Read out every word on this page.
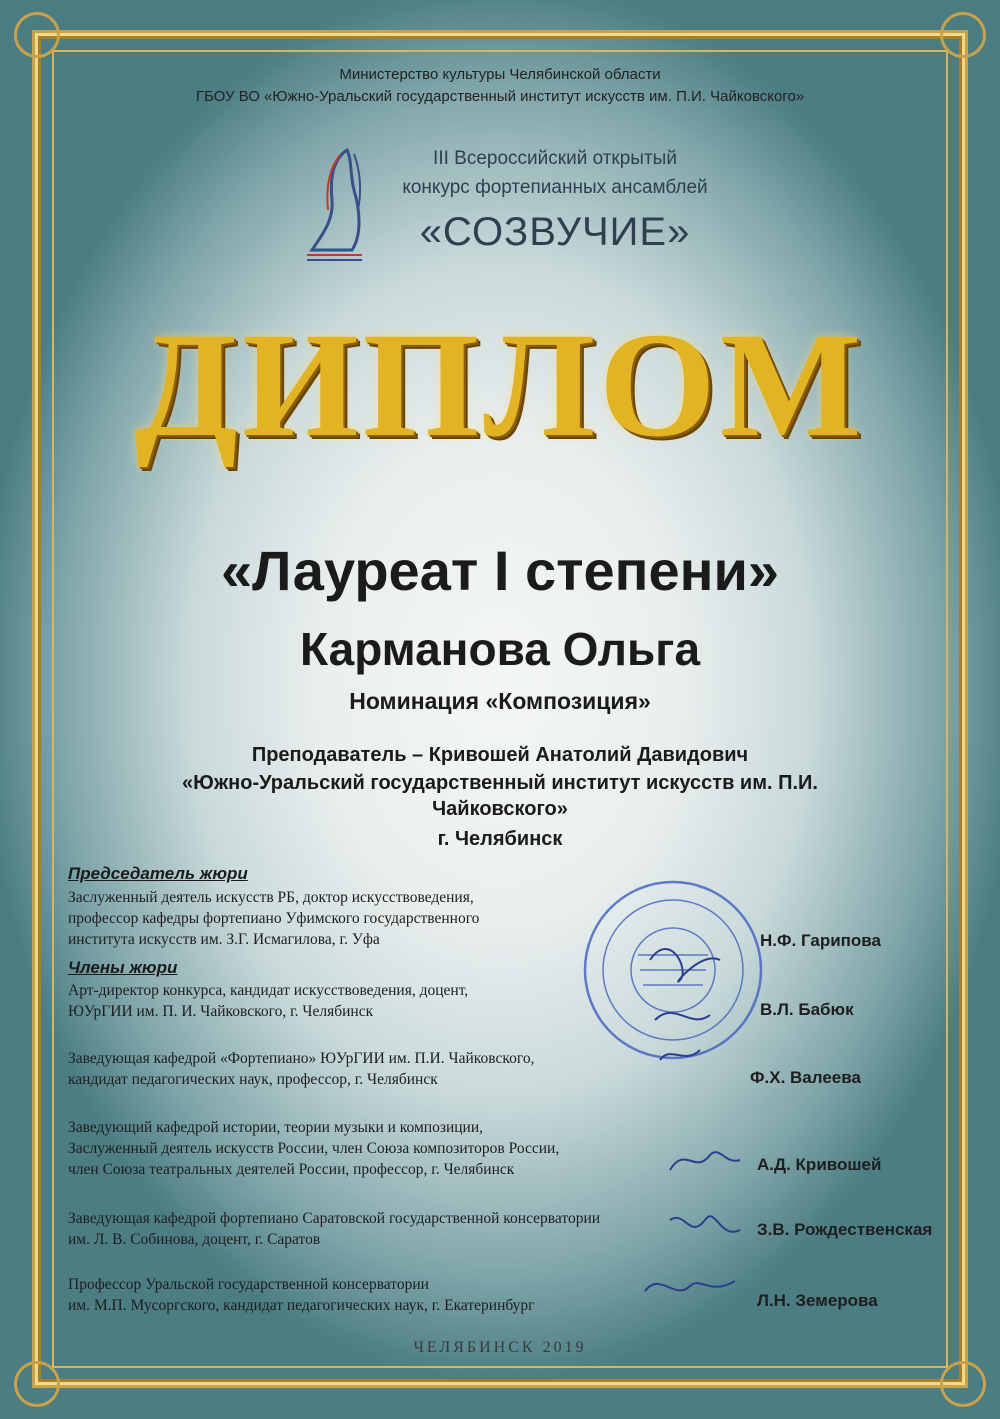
Министерство культуры Челябинской области
ГБОУ ВО «Южно-Уральский государственный институт искусств им. П.И. Чайковского»
III Всероссийский открытый
конкурс фортепианных ансамблей
«СОЗВУЧИЕ»
ДИПЛОМ
«Лауреат I степени»
Карманова Ольга
Номинация «Композиция»
Преподаватель – Кривошей Анатолий Давидович
«Южно-Уральский государственный институт искусств им. П.И.
Чайковского»
г. Челябинск
Председатель жюри
Заслуженный деятель искусств РБ, доктор искусствоведения,
профессор кафедры фортепиано Уфимского государственного
института искусств им. З.Г. Исмагилова, г. Уфа
Члены жюри
Арт-директор конкурса, кандидат искусствоведения, доцент,
ЮУрГИИ им. П. И. Чайковского, г. Челябинск
Заведующая кафедрой «Фортепиано» ЮУрГИИ им. П.И. Чайковского,
кандидат педагогических наук, профессор, г. Челябинск
Заведующий кафедрой истории, теории музыки и композиции,
Заслуженный деятель искусств России, член Союза композиторов России,
член Союза театральных деятелей России, профессор, г. Челябинск
Заведующая кафедрой фортепиано Саратовской государственной консерватории
им. Л. В. Собинова, доцент, г. Саратов
Профессор Уральской государственной консерватории
им. М.П. Мусоргского, кандидат педагогических наук, г. Екатеринбург
Н.Ф. Гарипова
В.Л. Бабюк
Ф.Х. Валеева
А.Д. Кривошей
З.В. Рождественская
Л.Н. Земерова
ЧЕЛЯБИНСК 2019
